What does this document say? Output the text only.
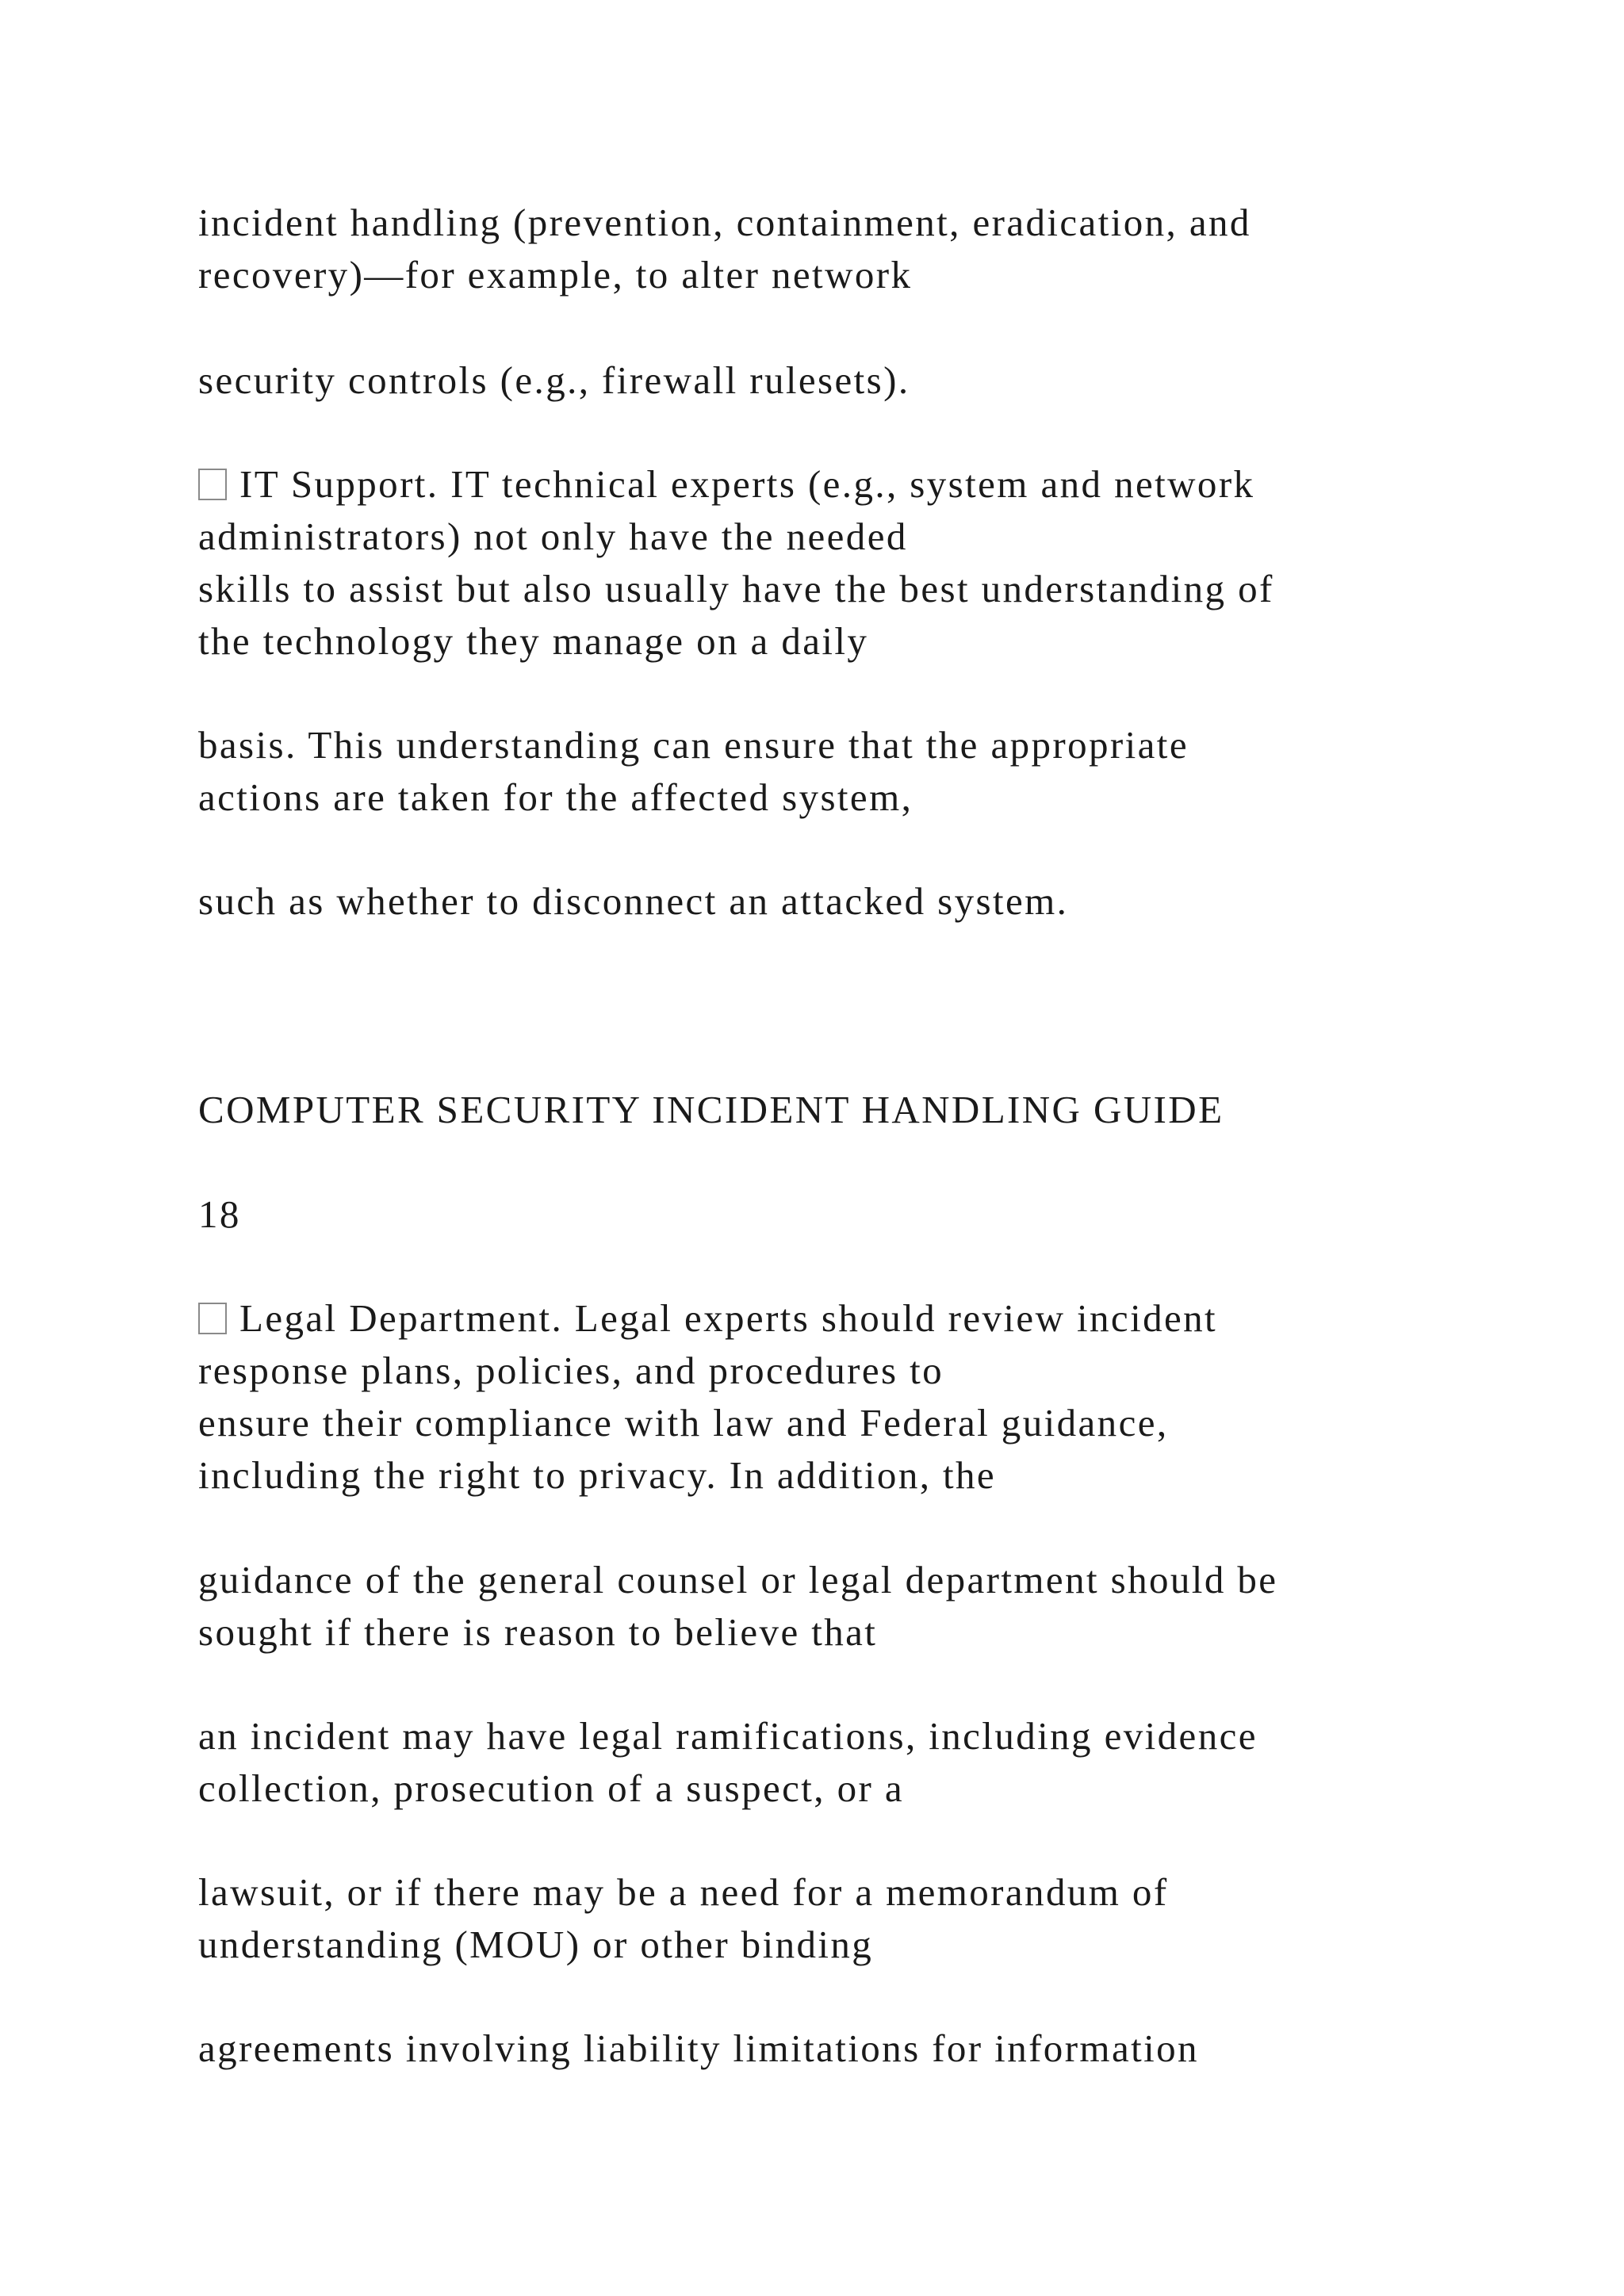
incident handling (prevention, containment, eradication, and

recovery)—for example, to alter network

security controls (e.g., firewall rulesets).

IT Support. IT technical experts (e.g., system and network

administrators) not only have the needed

skills to assist but also usually have the best understanding of

the technology they manage on a daily

basis. This understanding can ensure that the appropriate

actions are taken for the affected system,

such as whether to disconnect an attacked system.

COMPUTER SECURITY INCIDENT HANDLING GUIDE

18

Legal Department. Legal experts should review incident

response plans, policies, and procedures to

ensure their compliance with law and Federal guidance,

including the right to privacy. In addition, the

guidance of the general counsel or legal department should be

sought if there is reason to believe that

an incident may have legal ramifications, including evidence

collection, prosecution of a suspect, or a

lawsuit, or if there may be a need for a memorandum of

understanding (MOU) or other binding

agreements involving liability limitations for information
